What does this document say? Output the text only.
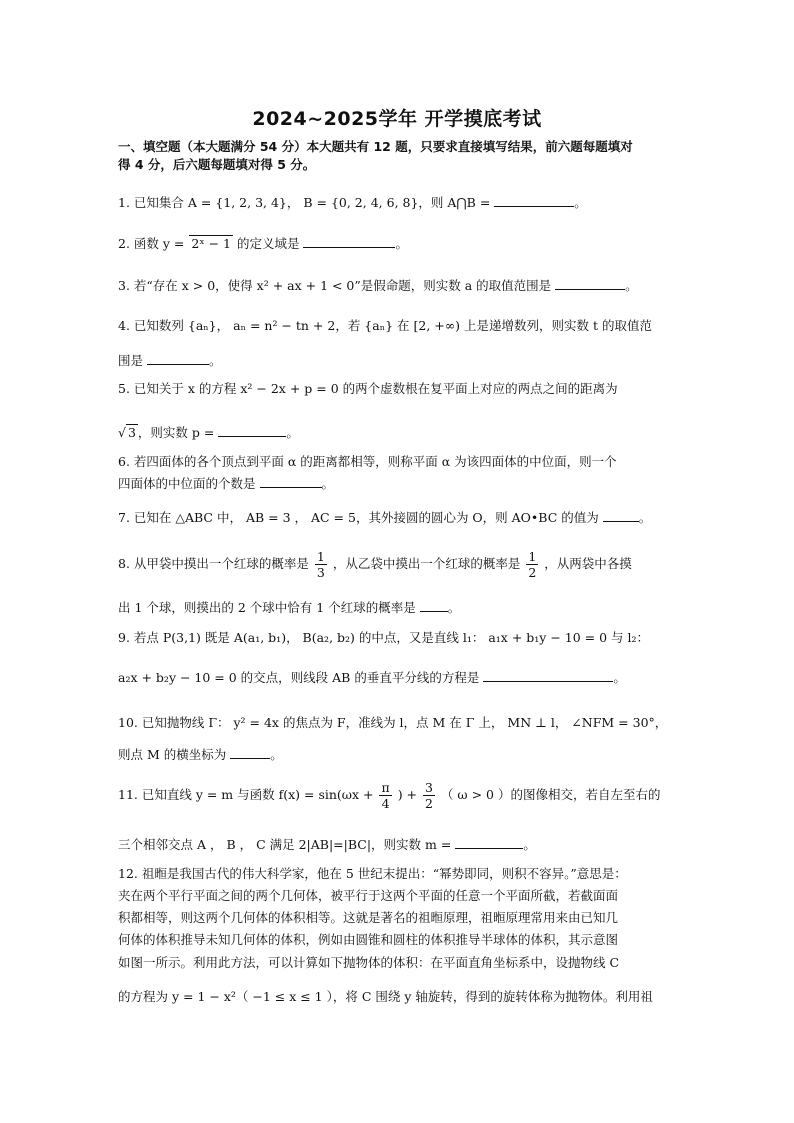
2024~2025学年 开学摸底考试
一、填空题（本大题满分 54 分）本大题共有 12 题，只要求直接填写结果，前六题每题填对
得 4 分，后六题每题填对得 5 分。
1. 已知集合 A = {1, 2, 3, 4}， B = {0, 2, 4, 6, 8}，则 A⋂B =	。
2. 函数 y = 2ˣ − 1 的定义域是	。
3. 若“存在 x > 0，使得 x² + ax + 1 < 0”是假命题，则实数 a 的取值范围是	。
4. 已知数列 {aₙ}， aₙ = n² − tn + 2，若 {aₙ} 在 [2, +∞) 上是递增数列，则实数 t 的取值范
围是	。
5. 已知关于 x 的方程 x² − 2x + p = 0 的两个虚数根在复平面上对应的两点之间的距离为
√ 3 ，则实数 p =	。
6. 若四面体的各个顶点到平面 α 的距离都相等，则称平面 α 为该四面体的中位面，则一个
四面体的中位面的个数是	。
7. 已知在 △ABC 中， AB = 3 ， AC = 5，其外接圆的圆心为 O，则 AO•BC 的值为	。
8. 从甲袋中摸出一个红球的概率是 $\frac{1}{3}$ ，从乙袋中摸出一个红球的概率是 $\frac{1}{2}$ ，从两袋中各摸
出 1 个球，则摸出的 2 个球中恰有 1 个红球的概率是	。
9. 若点 P(3,1) 既是 A(a₁, b₁)， B(a₂, b₂) 的中点，又是直线 l₁： a₁x + b₁y − 10 = 0 与 l₂：
a₂x + b₂y − 10 = 0 的交点，则线段 AB 的垂直平分线的方程是	。
10. 已知抛物线 Γ： y² = 4x 的焦点为 F，准线为 l，点 M 在 Γ 上， MN ⊥ l， ∠NFM = 30°，
则点 M 的横坐标为	。
11. 已知直线 y = m 与函数 $f(x) = \sin(\omega x + \frac{\pi}{4}$ ) + $\frac{3}{2}$ （ ω > 0 ）的图像相交，若自左至右的
三个相邻交点 A ， B ， C 满足 2|AB|=|BC|，则实数 m =	。
12. 祖暅是我国古代的伟大科学家，他在 5 世纪末提出：“幂势即同，则积不容异。”意思是：
夹在两个平行平面之间的两个几何体，被平行于这两个平面的任意一个平面所截，若截面面
积都相等，则这两个几何体的体积相等。这就是著名的祖暅原理，祖暅原理常用来由已知几
何体的体积推导未知几何体的体积，例如由圆锥和圆柱的体积推导半球体的体积，其示意图
如图一所示。利用此方法，可以计算如下抛物体的体积：在平面直角坐标系中，设抛物线 C
的方程为 y = 1 − x²（ −1 ≤ x ≤ 1 ），将 C 围绕 y 轴旋转，得到的旋转体称为抛物体。利用祖
